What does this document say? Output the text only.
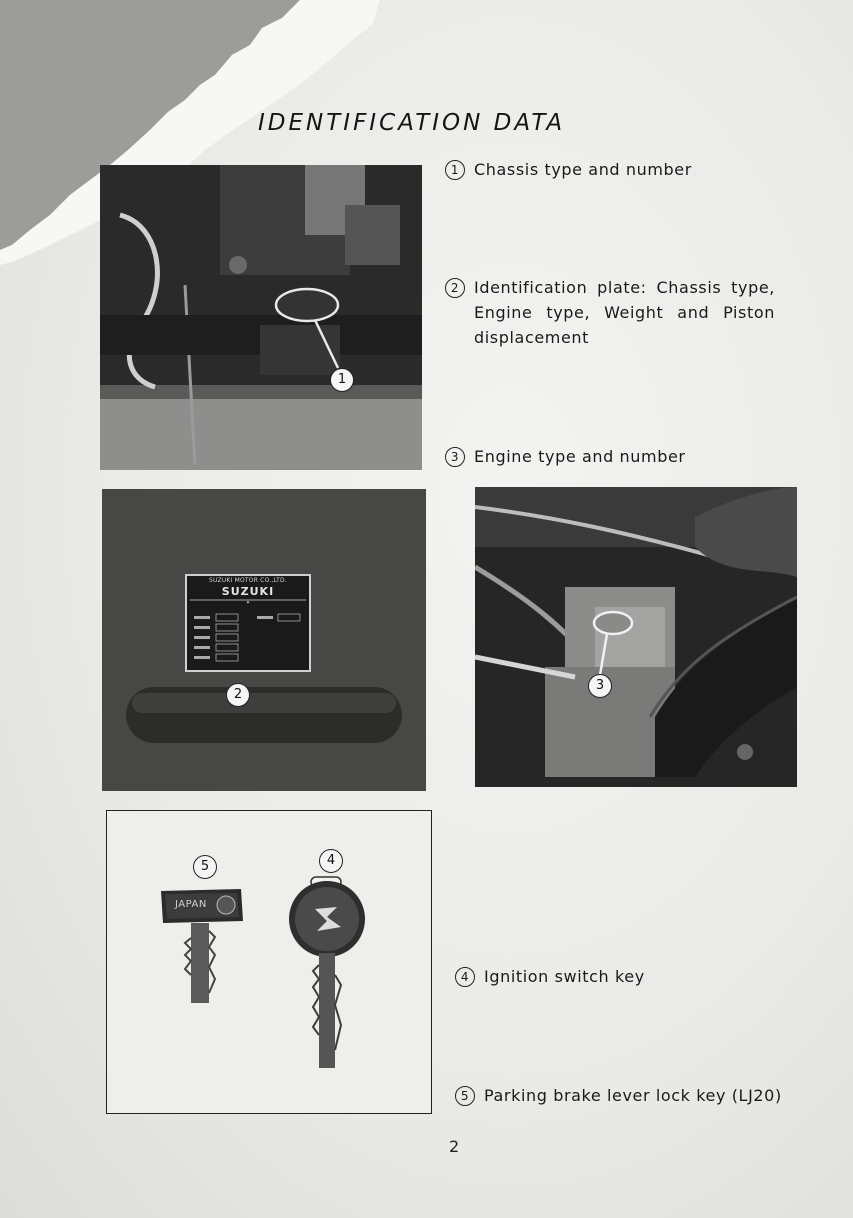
IDENTIFICATION DATA
1
✦
SUZUKI MOTOR CO.,LTD.
SUZUKI
2
3
5	4
JAPAN
1 Chassis type and number
2 Identification plate: Chassis type, Engine type, Weight and Piston displacement
3 Engine type and number
4 Ignition switch key
5 Parking brake lever lock key (LJ20)
2
